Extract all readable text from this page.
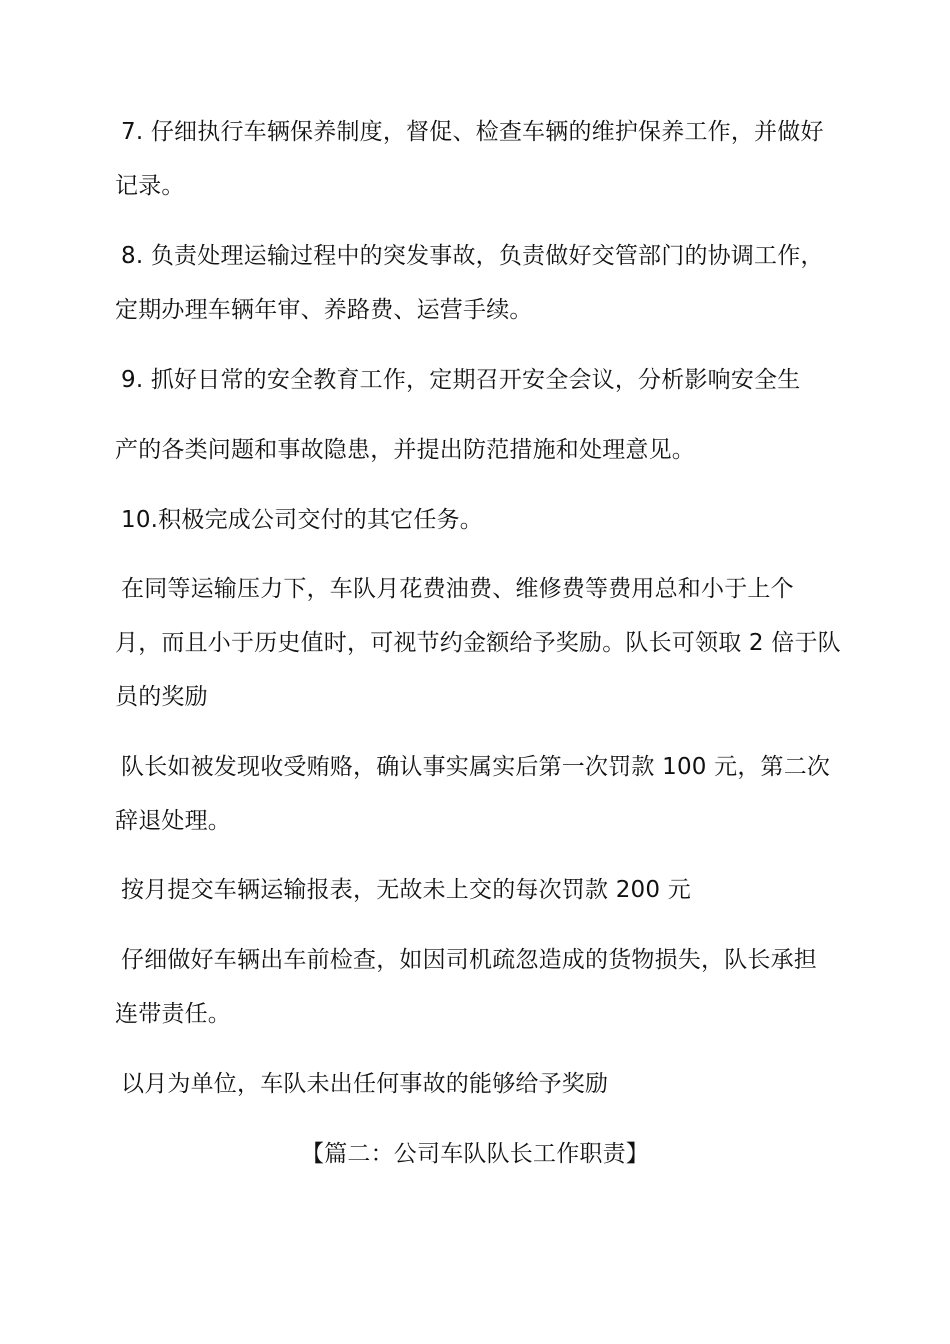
7. 仔细执行车辆保养制度，督促、检查车辆的维护保养工作，并做好
记录。
8. 负责处理运输过程中的突发事故，负责做好交管部门的协调工作，
定期办理车辆年审、养路费、运营手续。
9. 抓好日常的安全教育工作，定期召开安全会议，分析影响安全生
产的各类问题和事故隐患，并提出防范措施和处理意见。
10.积极完成公司交付的其它任务。
在同等运输压力下，车队月花费油费、维修费等费用总和小于上个
月，而且小于历史值时，可视节约金额给予奖励。队长可领取 2 倍于队
员的奖励
队长如被发现收受贿赂，确认事实属实后第一次罚款 100 元，第二次
辞退处理。
按月提交车辆运输报表，无故未上交的每次罚款 200 元
仔细做好车辆出车前检查，如因司机疏忽造成的货物损失，队长承担
连带责任。
以月为单位，车队未出任何事故的能够给予奖励
【篇二：公司车队队长工作职责】
